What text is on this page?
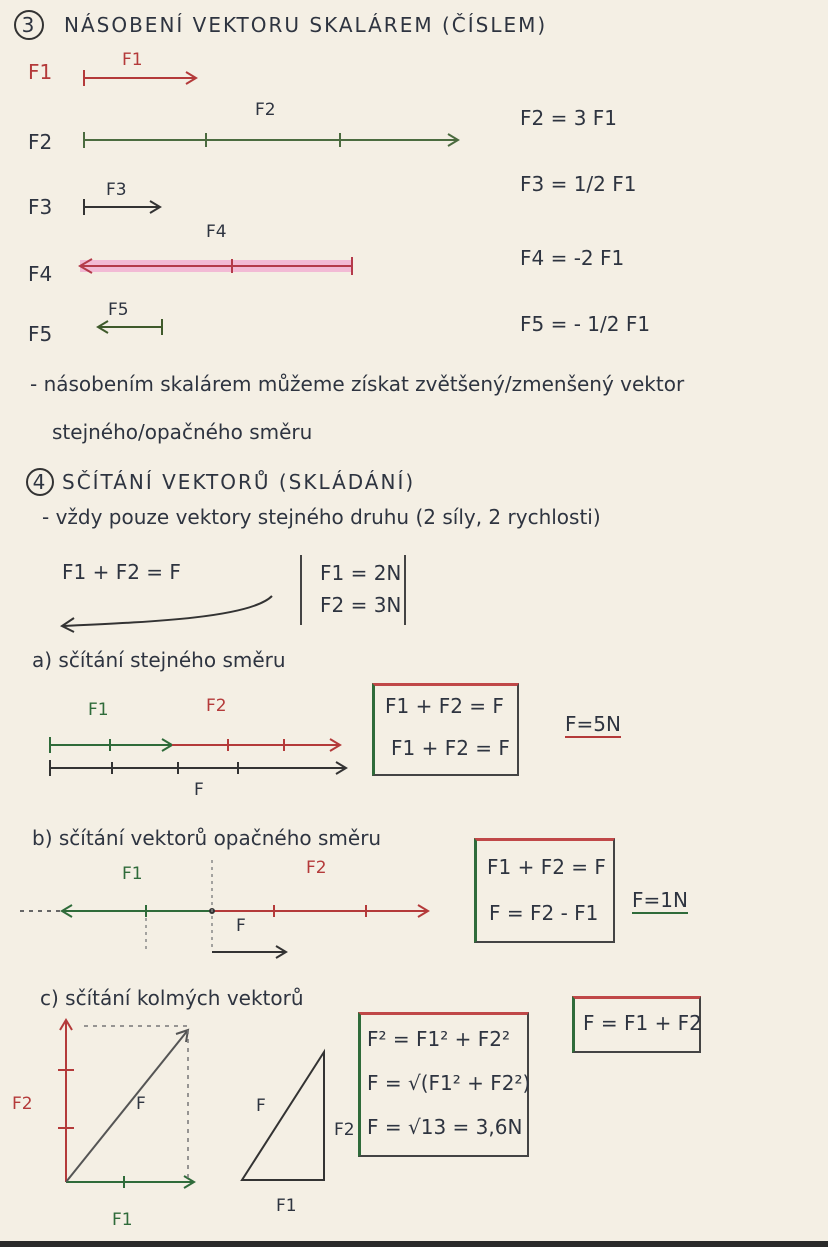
3 NÁSOBENÍ VEKTORU SKALÁREM (ČÍSLEM)
F1
F2
F3
F4
F5
F1
F2
F3
F4
F5
F2 = 3 F1
F3 = 1/2 F1
F4 = -2 F1
F5 = - 1/2 F1
- násobením skalárem můžeme získat zvětšený/zmenšený vektor
stejného/opačného směru
4 SČÍTÁNÍ VEKTORŮ (SKLÁDÁNÍ)
- vždy pouze vektory stejného druhu (2 síly, 2 rychlosti)
F1 + F2 = F	F1 = 2N
F2 = 3N
a) sčítání stejného směru
F1	F2
F
F1 + F2 = F
F1 + F2 = F
F=5N
b) sčítání vektorů opačného směru
F1	F2
F
F1 + F2 = F
F = F2 - F1
F=1N
c) sčítání kolmých vektorů
F2	F
F1
F
F2
F1
F² = F1² + F2²
F = √(F1² + F2²)
F = √13 = 3,6N
F = F1 + F2
